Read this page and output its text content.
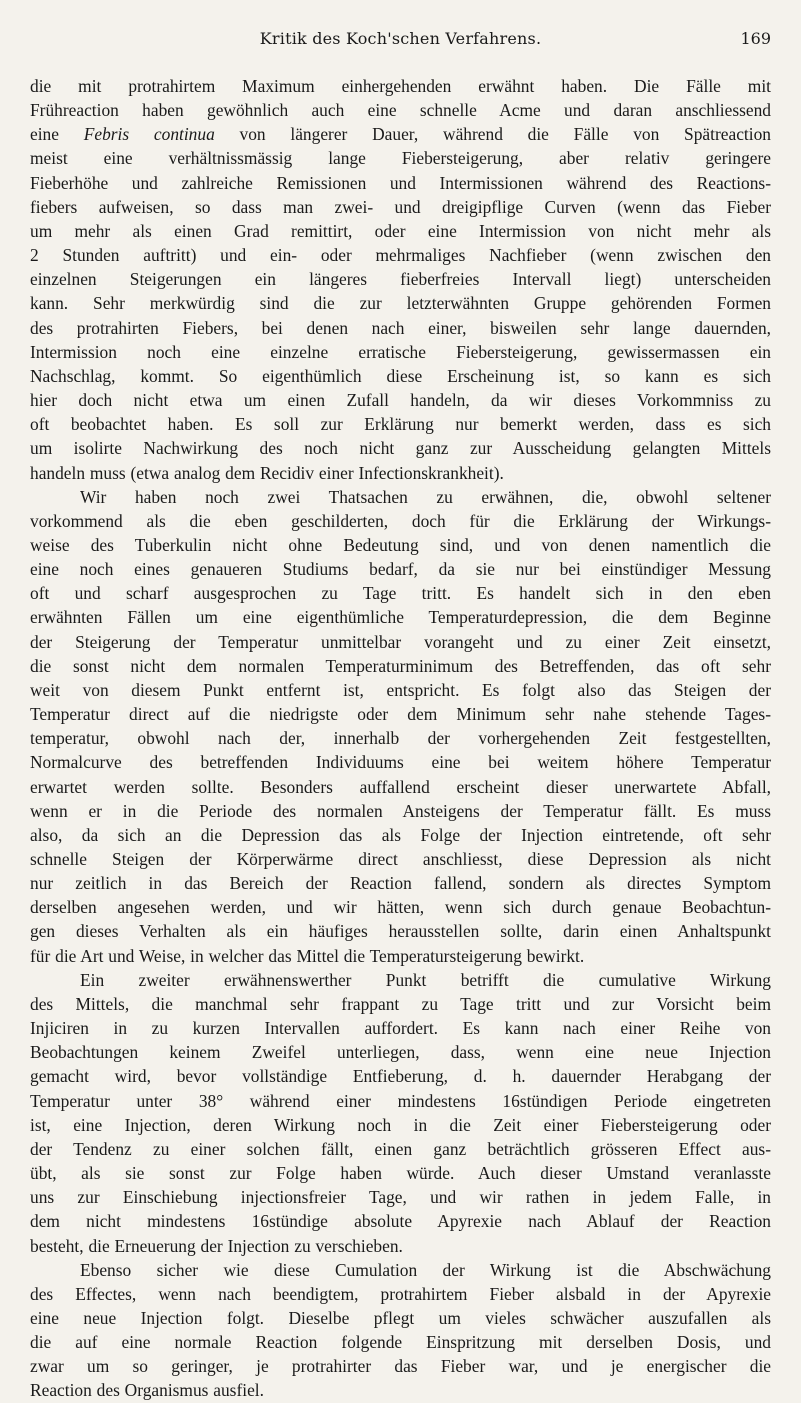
Kritik des Koch'schen Verfahrens.	169
die mit protrahirtem Maximum einhergehenden erwähnt haben. Die Fälle mit
Frühreaction haben gewöhnlich auch eine schnelle Acme und daran anschliessend
eine Febris continua von längerer Dauer, während die Fälle von Spätreaction
meist eine verhältnissmässig lange Fiebersteigerung, aber relativ geringere
Fieberhöhe und zahlreiche Remissionen und Intermissionen während des Reactions-
fiebers aufweisen, so dass man zwei- und dreigipflige Curven (wenn das Fieber
um mehr als einen Grad remittirt, oder eine Intermission von nicht mehr als
2 Stunden auftritt) und ein- oder mehrmaliges Nachfieber (wenn zwischen den
einzelnen Steigerungen ein längeres fieberfreies Intervall liegt) unterscheiden
kann. Sehr merkwürdig sind die zur letzterwähnten Gruppe gehörenden Formen
des protrahirten Fiebers, bei denen nach einer, bisweilen sehr lange dauernden,
Intermission noch eine einzelne erratische Fiebersteigerung, gewissermassen ein
Nachschlag, kommt. So eigenthümlich diese Erscheinung ist, so kann es sich
hier doch nicht etwa um einen Zufall handeln, da wir dieses Vorkommniss zu
oft beobachtet haben. Es soll zur Erklärung nur bemerkt werden, dass es sich
um isolirte Nachwirkung des noch nicht ganz zur Ausscheidung gelangten Mittels
handeln muss (etwa analog dem Recidiv einer Infectionskrankheit).
Wir haben noch zwei Thatsachen zu erwähnen, die, obwohl seltener
vorkommend als die eben geschilderten, doch für die Erklärung der Wirkungs-
weise des Tuberkulin nicht ohne Bedeutung sind, und von denen namentlich die
eine noch eines genaueren Studiums bedarf, da sie nur bei einstündiger Messung
oft und scharf ausgesprochen zu Tage tritt. Es handelt sich in den eben
erwähnten Fällen um eine eigenthümliche Temperaturdepression, die dem Beginne
der Steigerung der Temperatur unmittelbar vorangeht und zu einer Zeit einsetzt,
die sonst nicht dem normalen Temperaturminimum des Betreffenden, das oft sehr
weit von diesem Punkt entfernt ist, entspricht. Es folgt also das Steigen der
Temperatur direct auf die niedrigste oder dem Minimum sehr nahe stehende Tages-
temperatur, obwohl nach der, innerhalb der vorhergehenden Zeit festgestellten,
Normalcurve des betreffenden Individuums eine bei weitem höhere Temperatur
erwartet werden sollte. Besonders auffallend erscheint dieser unerwartete Abfall,
wenn er in die Periode des normalen Ansteigens der Temperatur fällt. Es muss
also, da sich an die Depression das als Folge der Injection eintretende, oft sehr
schnelle Steigen der Körperwärme direct anschliesst, diese Depression als nicht
nur zeitlich in das Bereich der Reaction fallend, sondern als directes Symptom
derselben angesehen werden, und wir hätten, wenn sich durch genaue Beobachtun-
gen dieses Verhalten als ein häufiges herausstellen sollte, darin einen Anhaltspunkt
für die Art und Weise, in welcher das Mittel die Temperatursteigerung bewirkt.
Ein zweiter erwähnenswerther Punkt betrifft die cumulative Wirkung
des Mittels, die manchmal sehr frappant zu Tage tritt und zur Vorsicht beim
Injiciren in zu kurzen Intervallen auffordert. Es kann nach einer Reihe von
Beobachtungen keinem Zweifel unterliegen, dass, wenn eine neue Injection
gemacht wird, bevor vollständige Entfieberung, d. h. dauernder Herabgang der
Temperatur unter 38° während einer mindestens 16stündigen Periode eingetreten
ist, eine Injection, deren Wirkung noch in die Zeit einer Fiebersteigerung oder
der Tendenz zu einer solchen fällt, einen ganz beträchtlich grösseren Effect aus-
übt, als sie sonst zur Folge haben würde. Auch dieser Umstand veranlasste
uns zur Einschiebung injectionsfreier Tage, und wir rathen in jedem Falle, in
dem nicht mindestens 16stündige absolute Apyrexie nach Ablauf der Reaction
besteht, die Erneuerung der Injection zu verschieben.
Ebenso sicher wie diese Cumulation der Wirkung ist die Abschwächung
des Effectes, wenn nach beendigtem, protrahirtem Fieber alsbald in der Apyrexie
eine neue Injection folgt. Dieselbe pflegt um vieles schwächer auszufallen als
die auf eine normale Reaction folgende Einspritzung mit derselben Dosis, und
zwar um so geringer, je protrahirter das Fieber war, und je energischer die
Reaction des Organismus ausfiel.
